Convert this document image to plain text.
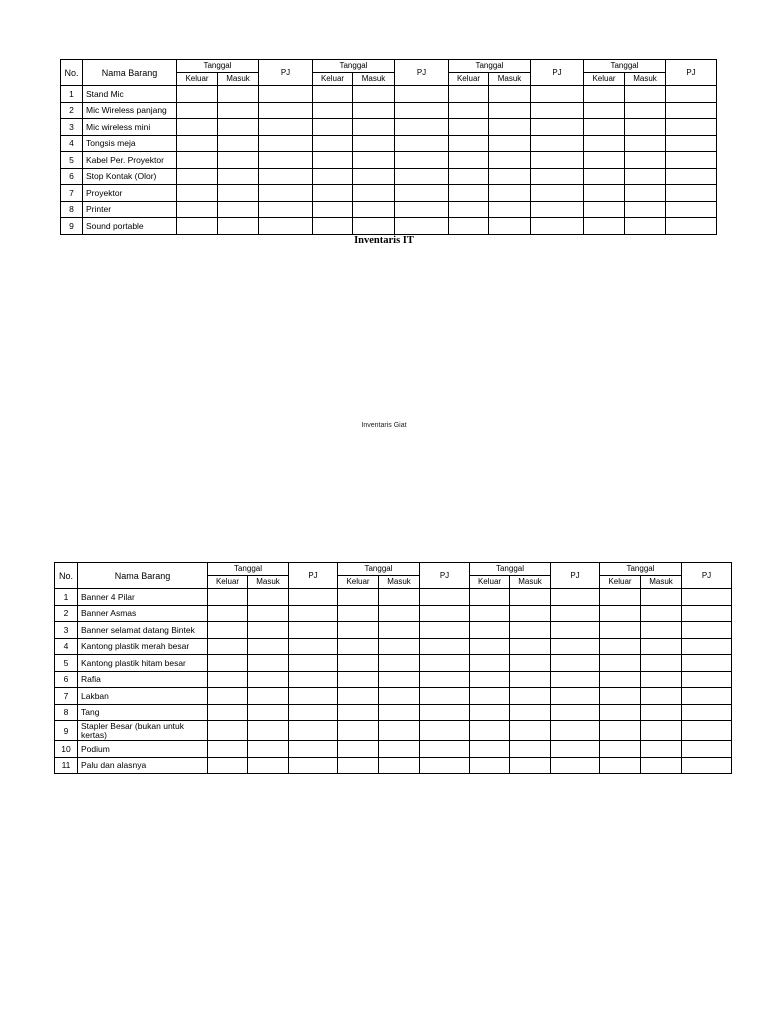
No.	Nama Barang	Tanggal		PJ	Tanggal		PJ	Tanggal		PJ	Tanggal		PJ
		Keluar	Masuk		Keluar	Masuk		Keluar	Masuk		Keluar	Masuk	
1	Stand Mic												
2	Mic Wireless panjang												
3	Mic wireless mini												
4	Tongsis meja												
5	Kabel Per. Proyektor												
6	Stop Kontak (Olor)												
7	Proyektor												
8	Printer												
9	Sound portable												
Inventaris IT
Inventaris Giat
No.	Nama Barang	Tanggal		PJ	Tanggal		PJ	Tanggal		PJ	Tanggal		PJ
		Keluar	Masuk		Keluar	Masuk		Keluar	Masuk		Keluar	Masuk	
1	Banner 4 Pilar												
2	Banner Asmas												
3	Banner selamat datang Bintek												
4	Kantong plastik merah besar												
5	Kantong plastik hitam besar												
6	Rafia												
7	Lakban												
8	Tang												
9	Stapler Besar (bukan untuk kertas)												
10	Podium												
11	Palu dan alasnya												
